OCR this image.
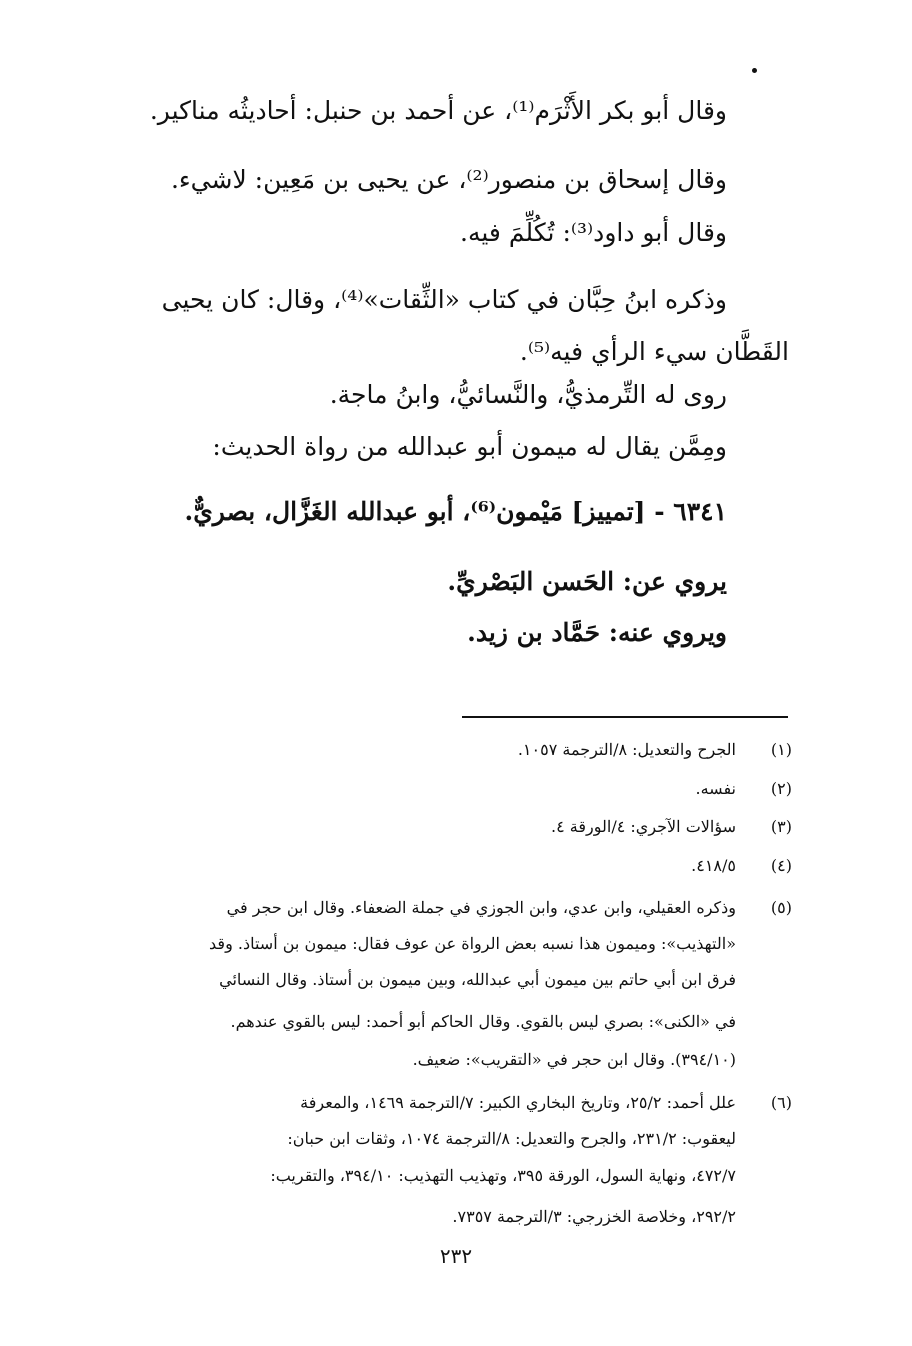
وقال أبو بكر الأَثْرَم⁽¹⁾، عن أحمد بن حنبل: أحاديثُه مناكير.
وقال إسحاق بن منصور⁽²⁾، عن يحيى بن مَعِين: لاشيء.
وقال أبو داود⁽³⁾: تُكُلِّمَ فيه.
وذكره ابنُ حِبَّان في كتاب «الثِّقات»⁽⁴⁾، وقال: كان يحيى
القَطَّان سيء الرأي فيه⁽⁵⁾.
روى له التِّرمذيُّ، والنَّسائيُّ، وابنُ ماجة.
ومِمَّن يقال له ميمون أبو عبدالله من رواة الحديث:
٦٣٤١ - [تمييز] مَيْمون⁽⁶⁾، أبو عبدالله الغَزَّال، بصريٌّ.
يروي عن: الحَسن البَصْريِّ.
ويروي عنه: حَمَّاد بن زيد.
(١)
الجرح والتعديل: ٨/الترجمة ١٠٥٧.
(٢)
نفسه.
(٣)
سؤالات الآجري: ٤/الورقة ٤.
(٤)
٤١٨/٥.
(٥)
وذكره العقيلي، وابن عدي، وابن الجوزي في جملة الضعفاء. وقال ابن حجر في
«التهذيب»: وميمون هذا نسبه بعض الرواة عن عوف فقال: ميمون بن أستاذ. وقد
فرق ابن أبي حاتم بين ميمون أبي عبدالله، وبين ميمون بن أستاذ. وقال النسائي
في «الكنى»: بصري ليس بالقوي. وقال الحاكم أبو أحمد: ليس بالقوي عندهم.
(٣٩٤/١٠). وقال ابن حجر في «التقريب»: ضعيف.
(٦)
علل أحمد: ٢٥/٢، وتاريخ البخاري الكبير: ٧/الترجمة ١٤٦٩، والمعرفة
ليعقوب: ٢٣١/٢، والجرح والتعديل: ٨/الترجمة ١٠٧٤، وثقات ابن حبان:
٤٧٢/٧، ونهاية السول، الورقة ٣٩٥، وتهذيب التهذيب: ٣٩٤/١٠، والتقريب:
٢٩٢/٢، وخلاصة الخزرجي: ٣/الترجمة ٧٣٥٧.
٢٣٢
